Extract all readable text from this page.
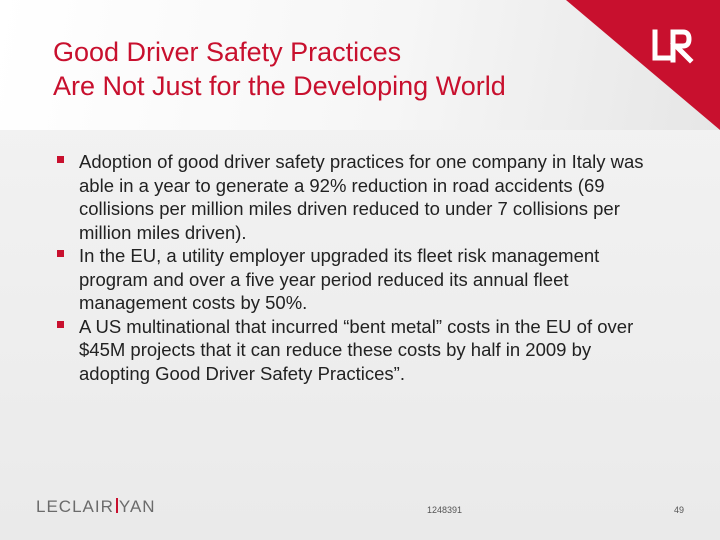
Good Driver Safety Practices
Are Not Just for the Developing World
Adoption of good driver safety practices for one company in Italy was able in a year to generate a 92% reduction in road accidents (69 collisions per million miles driven reduced to under 7 collisions per million miles driven).
In the EU, a utility employer upgraded its fleet risk management program and over a five year period reduced its annual fleet management costs by 50%.
A US multinational that incurred “bent metal” costs in the EU of over $45M projects that it can reduce these costs by half in 2009 by adopting Good Driver Safety Practices”.
LECLAIR YAN	1248391	49
